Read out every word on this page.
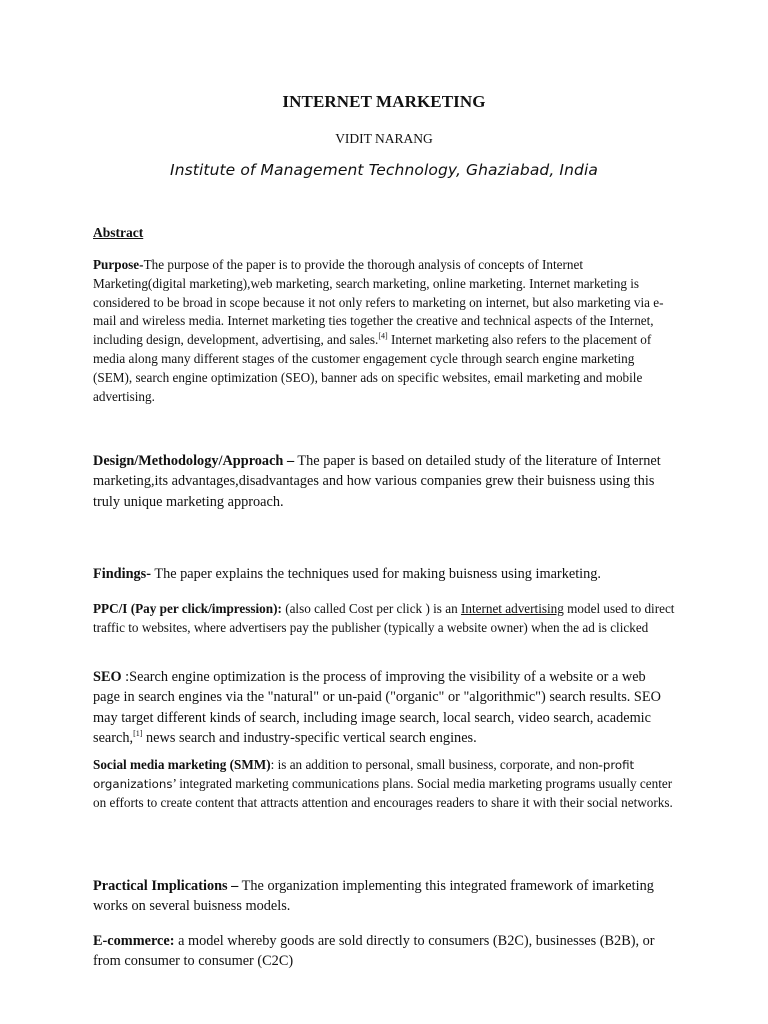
INTERNET MARKETING
VIDIT NARANG
Institute of Management Technology, Ghaziabad, India
Abstract
Purpose-The purpose of the paper is to provide the thorough analysis of concepts of Internet Marketing(digital marketing),web marketing, search marketing, online marketing. Internet marketing is considered to be broad in scope because it not only refers to marketing on internet, but also marketing via e-mail and wireless media. Internet marketing ties together the creative and technical aspects of the Internet, including design, development, advertising, and sales.[4] Internet marketing also refers to the placement of media along many different stages of the customer engagement cycle through search engine marketing (SEM), search engine optimization (SEO), banner ads on specific websites, email marketing and mobile advertising.
Design/Methodology/Approach – The paper is based on detailed study of the literature of Internet marketing,its advantages,disadvantages and how various companies grew their buisness using this truly unique marketing approach.
Findings- The paper explains the techniques used for making buisness using imarketing.
PPC/I (Pay per click/impression): (also called Cost per click ) is an Internet advertising model used to direct traffic to websites, where advertisers pay the publisher (typically a website owner) when the ad is clicked
SEO :Search engine optimization is the process of improving the visibility of a website or a web page in search engines via the "natural" or un-paid ("organic" or "algorithmic") search results. SEO may target different kinds of search, including image search, local search, video search, academic search,[1] news search and industry-specific vertical search engines.
Social media marketing (SMM): is an addition to personal, small business, corporate, and non-profit organizations’ integrated marketing communications plans. Social media marketing programs usually center on efforts to create content that attracts attention and encourages readers to share it with their social networks.
Practical Implications – The organization implementing this integrated framework of imarketing works on several buisness models.
E-commerce: a model whereby goods are sold directly to consumers (B2C), businesses (B2B), or from consumer to consumer (C2C)
